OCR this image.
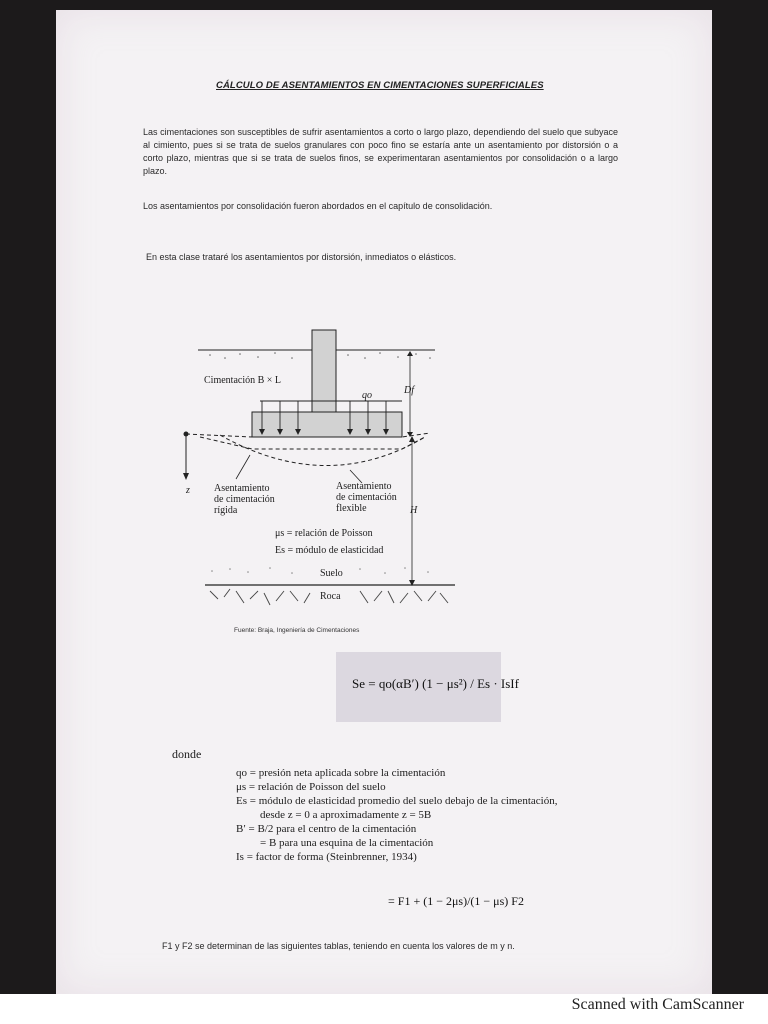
Scanned with CamScanner
CÁLCULO DE ASENTAMIENTOS EN CIMENTACIONES SUPERFICIALES
Las cimentaciones son susceptibles de sufrir asentamientos a corto o largo plazo, dependiendo del suelo que subyace al cimiento, pues si se trata de suelos granulares con poco fino se estaría ante un asentamiento por distorsión o a corto plazo, mientras que si se trata de suelos finos, se experimentaran asentamientos por consolidación o a largo plazo.
Los asentamientos por consolidación fueron abordados en el capítulo de consolidación.
En esta clase trataré los asentamientos por distorsión, inmediatos o elásticos.
Cimentación B × L
qo	Df
z
H
Asentamiento
de cimentación
rígida
Asentamiento
de cimentación
flexible
μs = relación de Poisson
Es = módulo de elasticidad
Suelo
Roca
Fuente: Braja, Ingeniería de Cimentaciones
Se = qo(αB′) (1 − μs²) / Es · IsIf
donde
qo = presión neta aplicada sobre la cimentación
μs = relación de Poisson del suelo
Es = módulo de elasticidad promedio del suelo debajo de la cimentación,
desde z = 0 a aproximadamente z = 5B
B′ = B/2 para el centro de la cimentación
= B para una esquina de la cimentación
Is = factor de forma (Steinbrenner, 1934)
= F1 + (1 − 2μs)/(1 − μs) F2
F1 y F2 se determinan de las siguientes tablas, teniendo en cuenta los valores de m y n.
